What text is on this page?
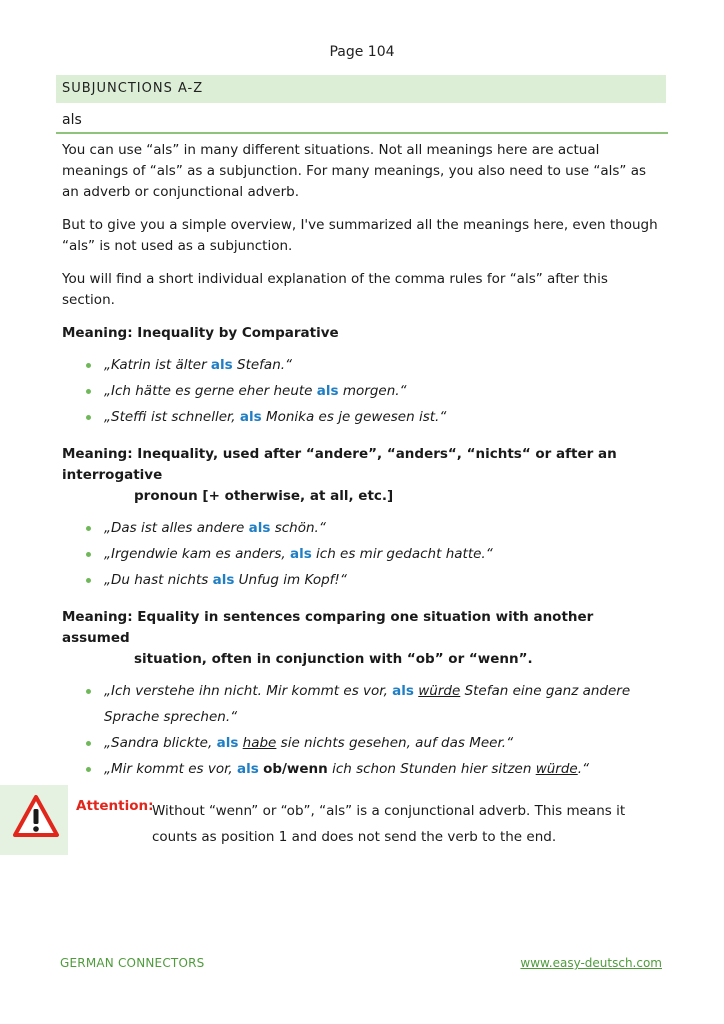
Page 104
SUBJUNCTIONS A-Z
als

You can use “als” in many different situations. Not all meanings here are actual meanings of “als” as a subjunction. For many meanings, you also need to use “als” as an adverb or conjunctional adverb.

But to give you a simple overview, I've summarized all the meanings here, even though “als” is not used as a subjunction.

You will find a short individual explanation of the comma rules for “als” after this section.

Meaning: Inequality by Comparative
„Katrin ist älter als Stefan.“
„Ich hätte es gerne eher heute als morgen.“
„Steffi ist schneller, als Monika es je gewesen ist.“
Meaning: Inequality, used after “andere”, “anders“, “nichts“ or after an interrogative
pronoun [+ otherwise, at all, etc.]
„Das ist alles andere als schön.“
„Irgendwie kam es anders, als ich es mir gedacht hatte.“
„Du hast nichts als Unfug im Kopf!“
Meaning: Equality in sentences comparing one situation with another assumed
situation, often in conjunction with “ob” or “wenn”.
„Ich verstehe ihn nicht. Mir kommt es vor, als würde Stefan eine ganz andere Sprache sprechen.“
„Sandra blickte, als habe sie nichts gesehen, auf das Meer.“
„Mir kommt es vor, als ob/wenn ich schon Stunden hier sitzen würde.“
Attention:
Without “wenn” or “ob”, “als” is a conjunctional adverb. This means it
counts as position 1 and does not send the verb to the end.
GERMAN CONNECTORS	www.easy-deutsch.com
